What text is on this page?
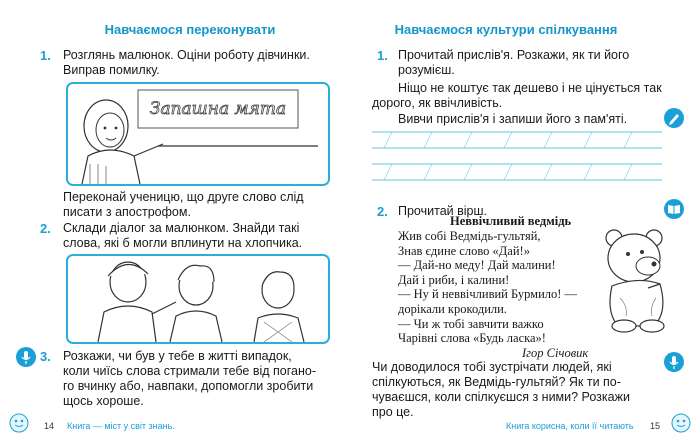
Навчаємося переконувати
1. Розглянь малюнок. Оціни роботу дівчинки.
Виправ помилку.
Запашна мята
Переконай ученицю, що друге слово слід
писати з апострофом.
2. Склади діалог за малюнком. Знайди такі
слова, які б могли вплинути на хлопчика.
3. Розкажи, чи був у тебе в житті випадок,
коли чиїсь слова стримали тебе від погано-
го вчинку або, навпаки, допомогли зробити
щось хороше.
14 Книга — міст у світ знань.
Навчаємося культури спілкування
1. Прочитай прислів'я. Розкажи, як ти його
розумієш.
Ніщо не коштує так дешево і не цінується так
дорого, як ввічливість.
Вивчи прислів'я і запиши його з пам'яті.
2. Прочитай вірш.
Неввічливий ведмідь
Жив собі Ведмідь-гультяй,
Знав єдине слово «Дай!»
— Дай-но меду! Дай малини!
Дай і риби, і калини!
— Ну й неввічливий Бурмило! —
дорікали крокодили.
— Чи ж тобі завчити важко
Чарівні слова «Будь ласка»!
Ігор Січовик
Чи доводилося тобі зустрічати людей, які
спілкуються, як Ведмідь-гультяй? Як ти по-
чуваєшся, коли спілкуєшся з ними? Розкажи
про це.
Книга корисна, коли її читають 15
